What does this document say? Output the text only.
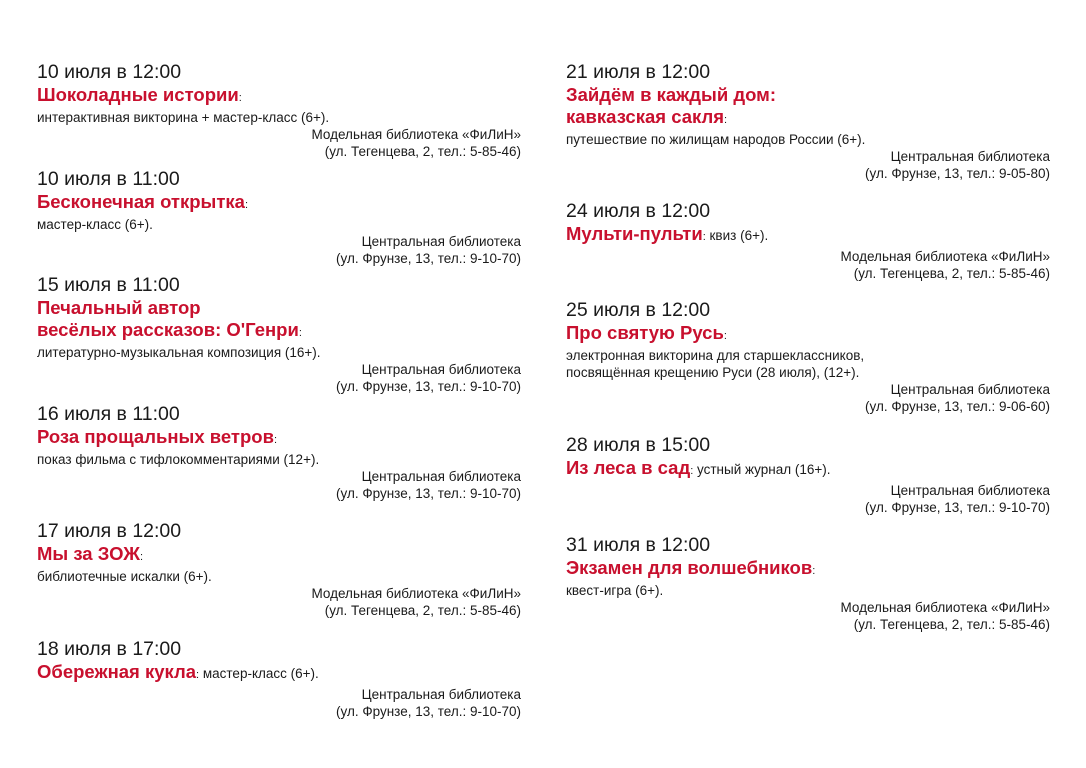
10 июля в 12:00
Шоколадные истории:
интерактивная викторина + мастер-класс (6+).
Модельная библиотека «ФиЛиН»
(ул. Тегенцева, 2, тел.: 5-85-46)
10 июля в 11:00
Бесконечная открытка:
мастер-класс (6+).
Центральная библиотека
(ул. Фрунзе, 13, тел.: 9-10-70)
15 июля в 11:00
Печальный автор
весёлых рассказов: О'Генри:
литературно-музыкальная композиция (16+).
Центральная библиотека
(ул. Фрунзе, 13, тел.: 9-10-70)
16 июля в 11:00
Роза прощальных ветров:
показ фильма с тифлокомментариями (12+).
Центральная библиотека
(ул. Фрунзе, 13, тел.: 9-10-70)
17 июля в 12:00
Мы за ЗОЖ:
библиотечные искалки (6+).
Модельная библиотека «ФиЛиН»
(ул. Тегенцева, 2, тел.: 5-85-46)
18 июля в 17:00
Обережная кукла: мастер-класс (6+).
Центральная библиотека
(ул. Фрунзе, 13, тел.: 9-10-70)
21 июля в 12:00
Зайдём в каждый дом:
кавказская сакля:
путешествие по жилищам народов России (6+).
Центральная библиотека
(ул. Фрунзе, 13, тел.: 9-05-80)
24 июля в 12:00
Мульти-пульти: квиз (6+).
Модельная библиотека «ФиЛиН»
(ул. Тегенцева, 2, тел.: 5-85-46)
25 июля в 12:00
Про святую Русь:
электронная викторина для старшеклассников,
посвящённая крещению Руси (28 июля), (12+).
Центральная библиотека
(ул. Фрунзе, 13, тел.: 9-06-60)
28 июля в 15:00
Из леса в сад: устный журнал (16+).
Центральная библиотека
(ул. Фрунзе, 13, тел.: 9-10-70)
31 июля в 12:00
Экзамен для волшебников:
квест-игра (6+).
Модельная библиотека «ФиЛиН»
(ул. Тегенцева, 2, тел.: 5-85-46)
